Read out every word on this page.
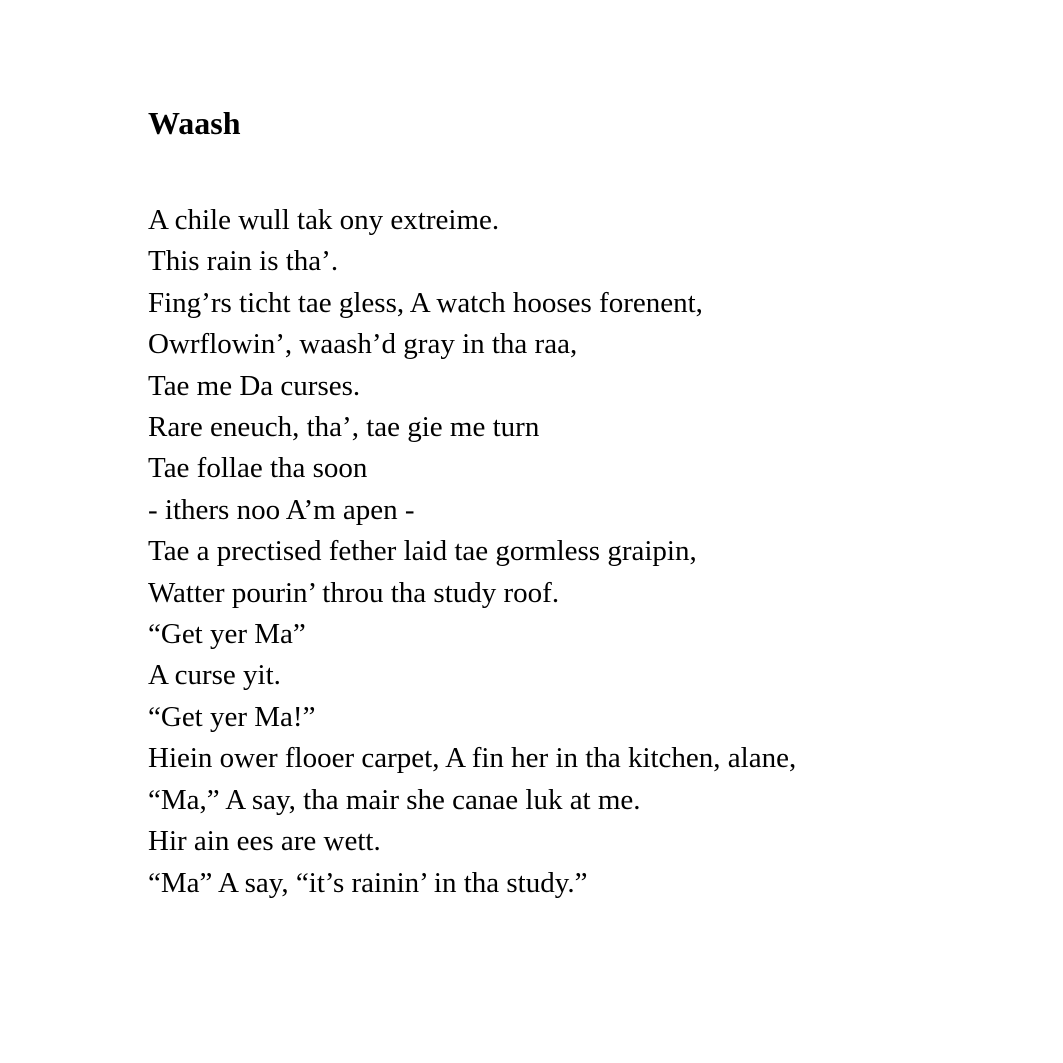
Waash
A chile wull tak ony extreime.
This rain is tha’.
Fing’rs ticht tae gless, A watch hooses forenent,
Owrflowin’, waash’d gray in tha raa,
Tae me Da curses.
Rare eneuch, tha’, tae gie me turn
Tae follae tha soon
- ithers noo A’m apen -
Tae a prectised fether laid tae gormless graipin,
Watter pourin’ throu tha study roof.
“Get yer Ma”
A curse yit.
“Get yer Ma!”
Hiein ower flooer carpet, A fin her in tha kitchen, alane,
“Ma,” A say, tha mair she canae luk at me.
Hir ain ees are wett.
“Ma” A say, “it’s rainin’ in tha study.”
